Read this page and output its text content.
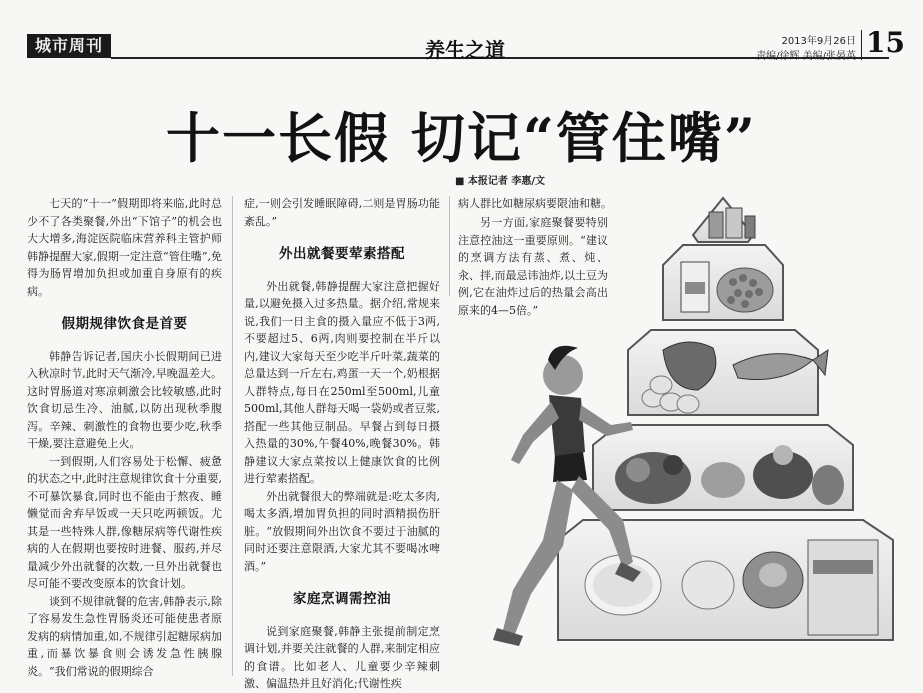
城市周刊	养生之道	2013年9月26日
责编/徐辉 美编/张晏英 15
十一长假 切记“管住嘴”
■ 本报记者 李惠/文

七天的“十一”假期即将来临,此时总少不了各类聚餐,外出“下馆子”的机会也大大增多,海淀医院临床营养科主管护师韩静提醒大家,假期一定注意“管住嘴”,免得为肠胃增加负担或加重自身原有的疾病。

假期规律饮食是首要

韩静告诉记者,国庆小长假期间已进入秋凉时节,此时天气渐冷,早晚温差大。这时胃肠道对寒凉刺激会比较敏感,此时饮食切忌生冷、油腻,以防出现秋季腹泻。辛辣、刺激性的食物也要少吃,秋季干燥,要注意避免上火。

一到假期,人们容易处于松懈、疲惫的状态之中,此时注意规律饮食十分重要,不可暴饮暴食,同时也不能由于熬夜、睡懒觉而舍弃早饭或一天只吃两顿饭。尤其是一些特殊人群,像糖尿病等代谢性疾病的人在假期也要按时进餐、服药,并尽量减少外出就餐的次数,一旦外出就餐也尽可能不要改变原本的饮食计划。

谈到不规律就餐的危害,韩静表示,除了容易发生急性胃肠炎还可能使患者原发病的病情加重,如,不规律引起糖尿病加重,而暴饮暴食则会诱发急性胰腺炎。“我们常说的假期综合

症,一则会引发睡眠障碍,二则是胃肠功能紊乱。”

外出就餐要荤素搭配

外出就餐,韩静提醒大家注意把握好量,以避免摄入过多热量。据介绍,常规来说,我们一日主食的摄入量应不低于3两,不要超过5、6两,肉则要控制在半斤以内,建议大家每天至少吃半斤叶菜,蔬菜的总量达到一斤左右,鸡蛋一天一个,奶根据人群特点,每日在250ml至500ml,儿童500ml,其他人群每天喝一袋奶或者豆浆,搭配一些其他豆制品。早餐占到每日摄入热量的30%,午餐40%,晚餐30%。韩静建议大家点菜按以上健康饮食的比例进行荤素搭配。

外出就餐很大的弊端就是:吃太多肉,喝太多酒,增加胃负担的同时酒精损伤肝脏。“放假期间外出饮食不要过于油腻的同时还要注意限酒,大家尤其不要喝冰啤酒。”

家庭烹调需控油

说到家庭聚餐,韩静主张提前制定烹调计划,并要关注就餐的人群,来制定相应的食谱。比如老人、儿童要少辛辣刺激、偏温热并且好消化;代谢性疾

病人群比如糖尿病要限油和糖。

另一方面,家庭聚餐要特别注意控油这一重要原则。“建议的烹调方法有蒸、煮、炖、汆、拌,而最忌讳油炸,以土豆为例,它在油炸过后的热量会高出原来的4—5倍。”
